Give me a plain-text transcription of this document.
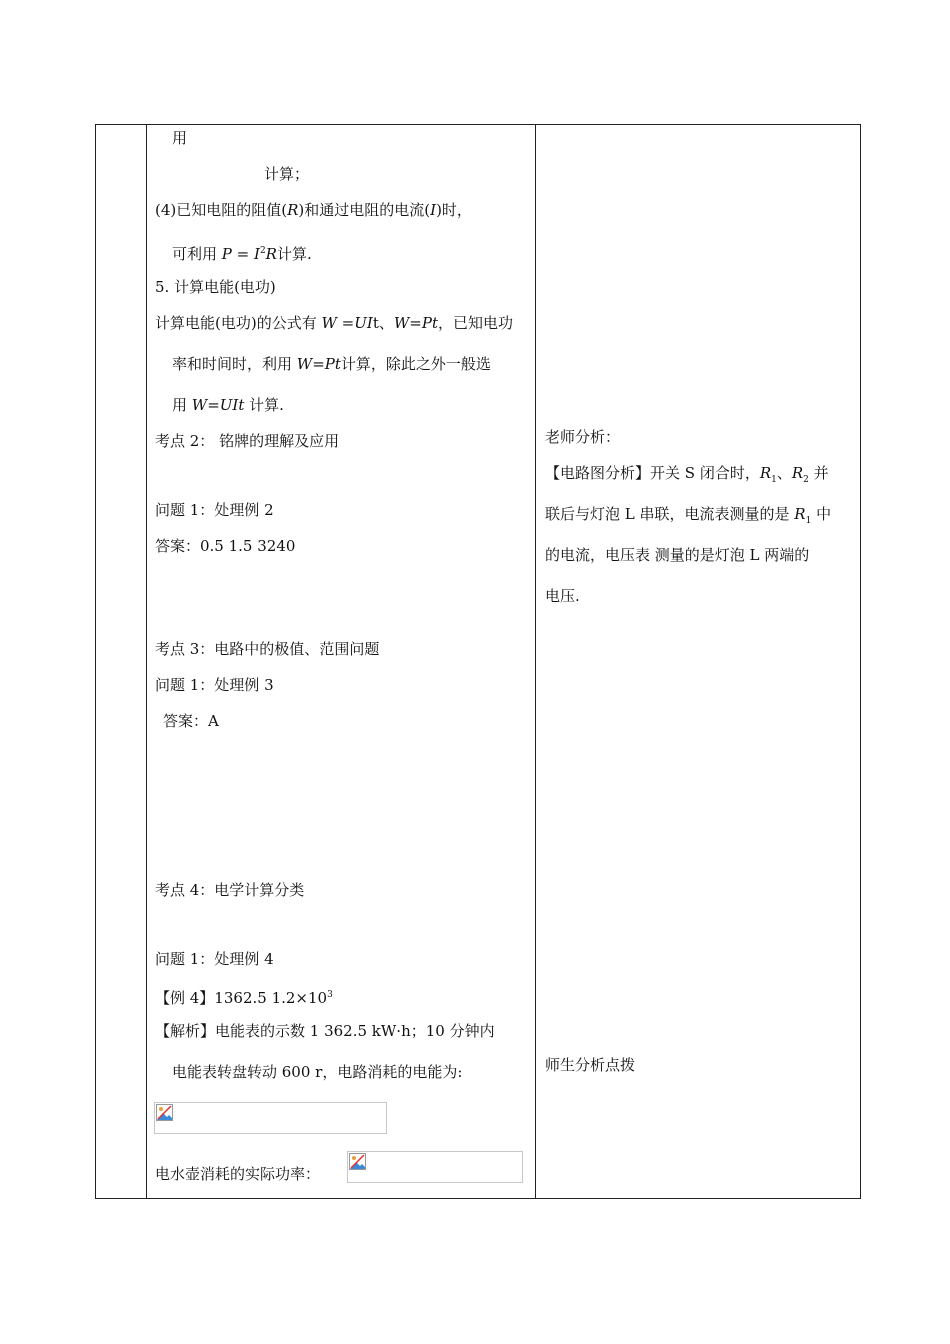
用
计算；
(4)已知电阻的阻值(R)和通过电阻的电流(I)时，
可利用 $P = I^2R$计算.
5. 计算电能(电功)
计算电能(电功)的公式有 W =UIt、W=Pt，已知电功
率和时间时，利用 W=Pt计算，除此之外一般选
用 W=UIt 计算.
考点 2： 铭牌的理解及应用
问题 1：处理例 2
答案：0.5 1.5 3240
考点 3：电路中的极值、范围问题
问题 1：处理例 3
答案：A
考点 4：电学计算分类
问题 1：处理例 4
【例 4】1362.5 $1.2\times 10^3$
【解析】电能表的示数 1 362.5 kW·h；10 分钟内
电能表转盘转动 600 r，电路消耗的电能为:
电水壶消耗的实际功率：
老师分析：
【电路图分析】开关 S 闭合时，$R_1$、$R_2$ 并
联后与灯泡 L 串联，电流表测量的是 $R_1$ 中
的电流，电压表 测量的是灯泡 L 两端的
电压.
师生分析点拨
